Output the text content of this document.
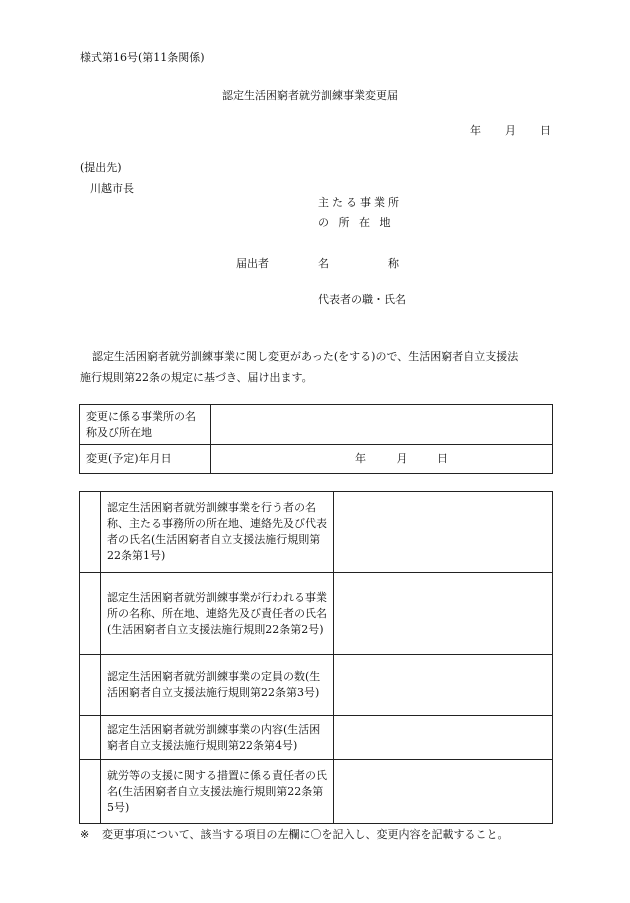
様式第16号(第11条関係)
認定生活困窮者就労訓練事業変更届
年 月 日
(提出先)
川越市長
主たる事業所
の 所 在 地
届出者	名	称
代表者の職・氏名
認定生活困窮者就労訓練事業に関し変更があった(をする)ので、生活困窮者自立支援法
施行規則第22条の規定に基づき、届け出ます。
変更に係る事業所の名称及び所在地	
変更(予定)年月日	年 月 日
	認定生活困窮者就労訓練事業を行う者の名称、主たる事務所の所在地、連絡先及び代表者の氏名(生活困窮者自立支援法施行規則第22条第1号)	
	認定生活困窮者就労訓練事業が行われる事業所の名称、所在地、連絡先及び責任者の氏名(生活困窮者自立支援法施行規則22条第2号)	
	認定生活困窮者就労訓練事業の定員の数(生活困窮者自立支援法施行規則第22条第3号)	
	認定生活困窮者就労訓練事業の内容(生活困窮者自立支援法施行規則第22条第4号)	
	就労等の支援に関する措置に係る責任者の氏名(生活困窮者自立支援法施行規則第22条第5号)	
※ 変更事項について、該当する項目の左欄に〇を記入し、変更内容を記載すること。
